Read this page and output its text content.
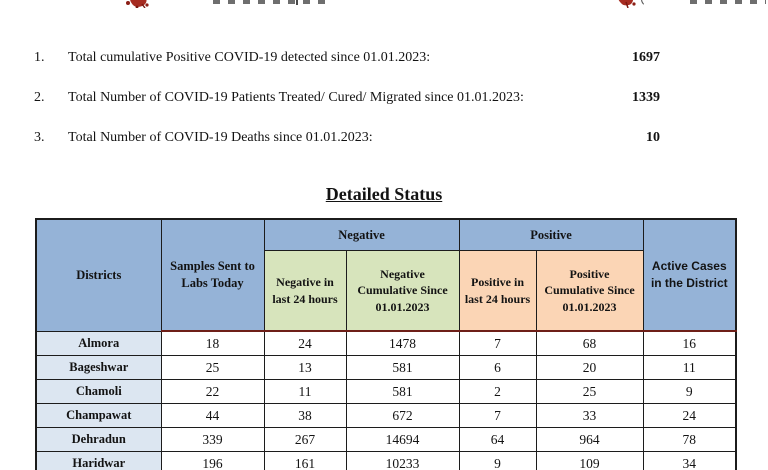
1. Total cumulative Positive COVID-19 detected since 01.01.2023:	1697
2. Total Number of COVID-19 Patients Treated/ Cured/ Migrated since 01.01.2023:	1339
3. Total Number of COVID-19 Deaths since 01.01.2023:	10
Detailed Status
Districts	Samples Sent to Labs Today	Negative		Positive		Active Cases in the District
		Negative in last 24 hours	Negative Cumulative Since 01.01.2023	Positive in last 24 hours	Positive Cumulative Since 01.01.2023	
Almora	18	24	1478	7	68	16
Bageshwar	25	13	581	6	20	11
Chamoli	22	11	581	2	25	9
Champawat	44	38	672	7	33	24
Dehradun	339	267	14694	64	964	78
Haridwar	196	161	10233	9	109	34
